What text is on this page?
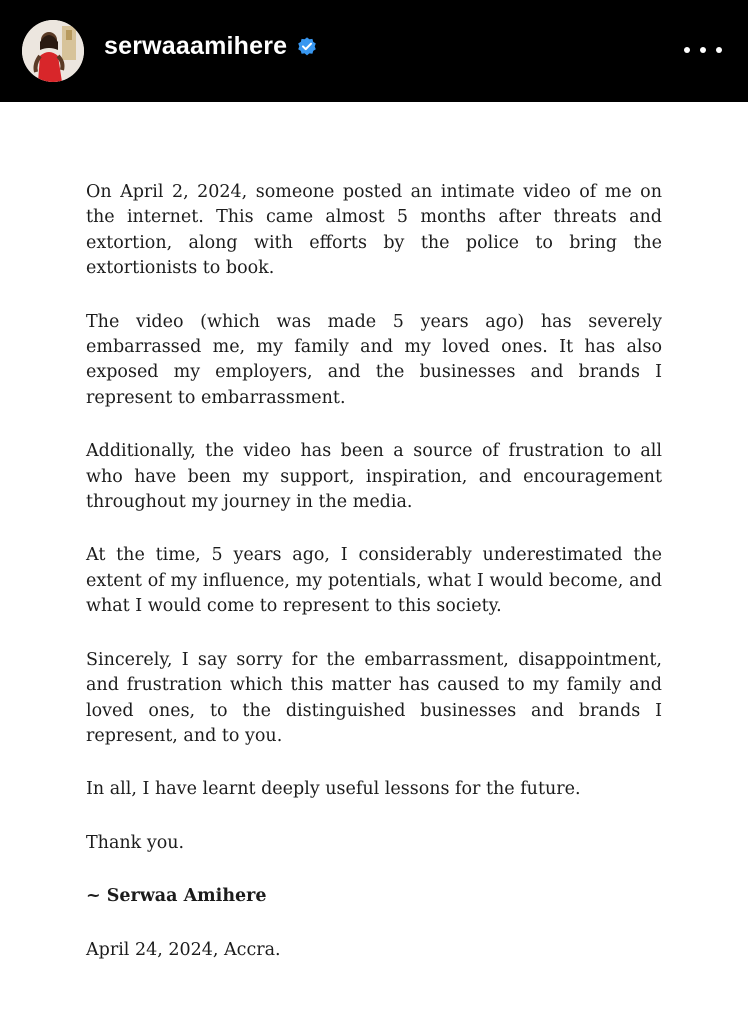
serwaaamihere

On April 2, 2024, someone posted an intimate video of me on the internet. This came almost 5 months after threats and extortion, along with efforts by the police to bring the extortionists to book.

The video (which was made 5 years ago) has severely embarrassed me, my family and my loved ones. It has also exposed my employers, and the businesses and brands I represent to embarrassment.

Additionally, the video has been a source of frustration to all who have been my support, inspiration, and encouragement throughout my journey in the media.

At the time, 5 years ago, I considerably underestimated the extent of my influence, my potentials, what I would become, and what I would come to represent to this society.

Sincerely, I say sorry for the embarrassment, disappointment, and frustration which this matter has caused to my family and loved ones, to the distinguished businesses and brands I represent, and to you.

In all, I have learnt deeply useful lessons for the future.

Thank you.

~ Serwaa Amihere

April 24, 2024, Accra.
